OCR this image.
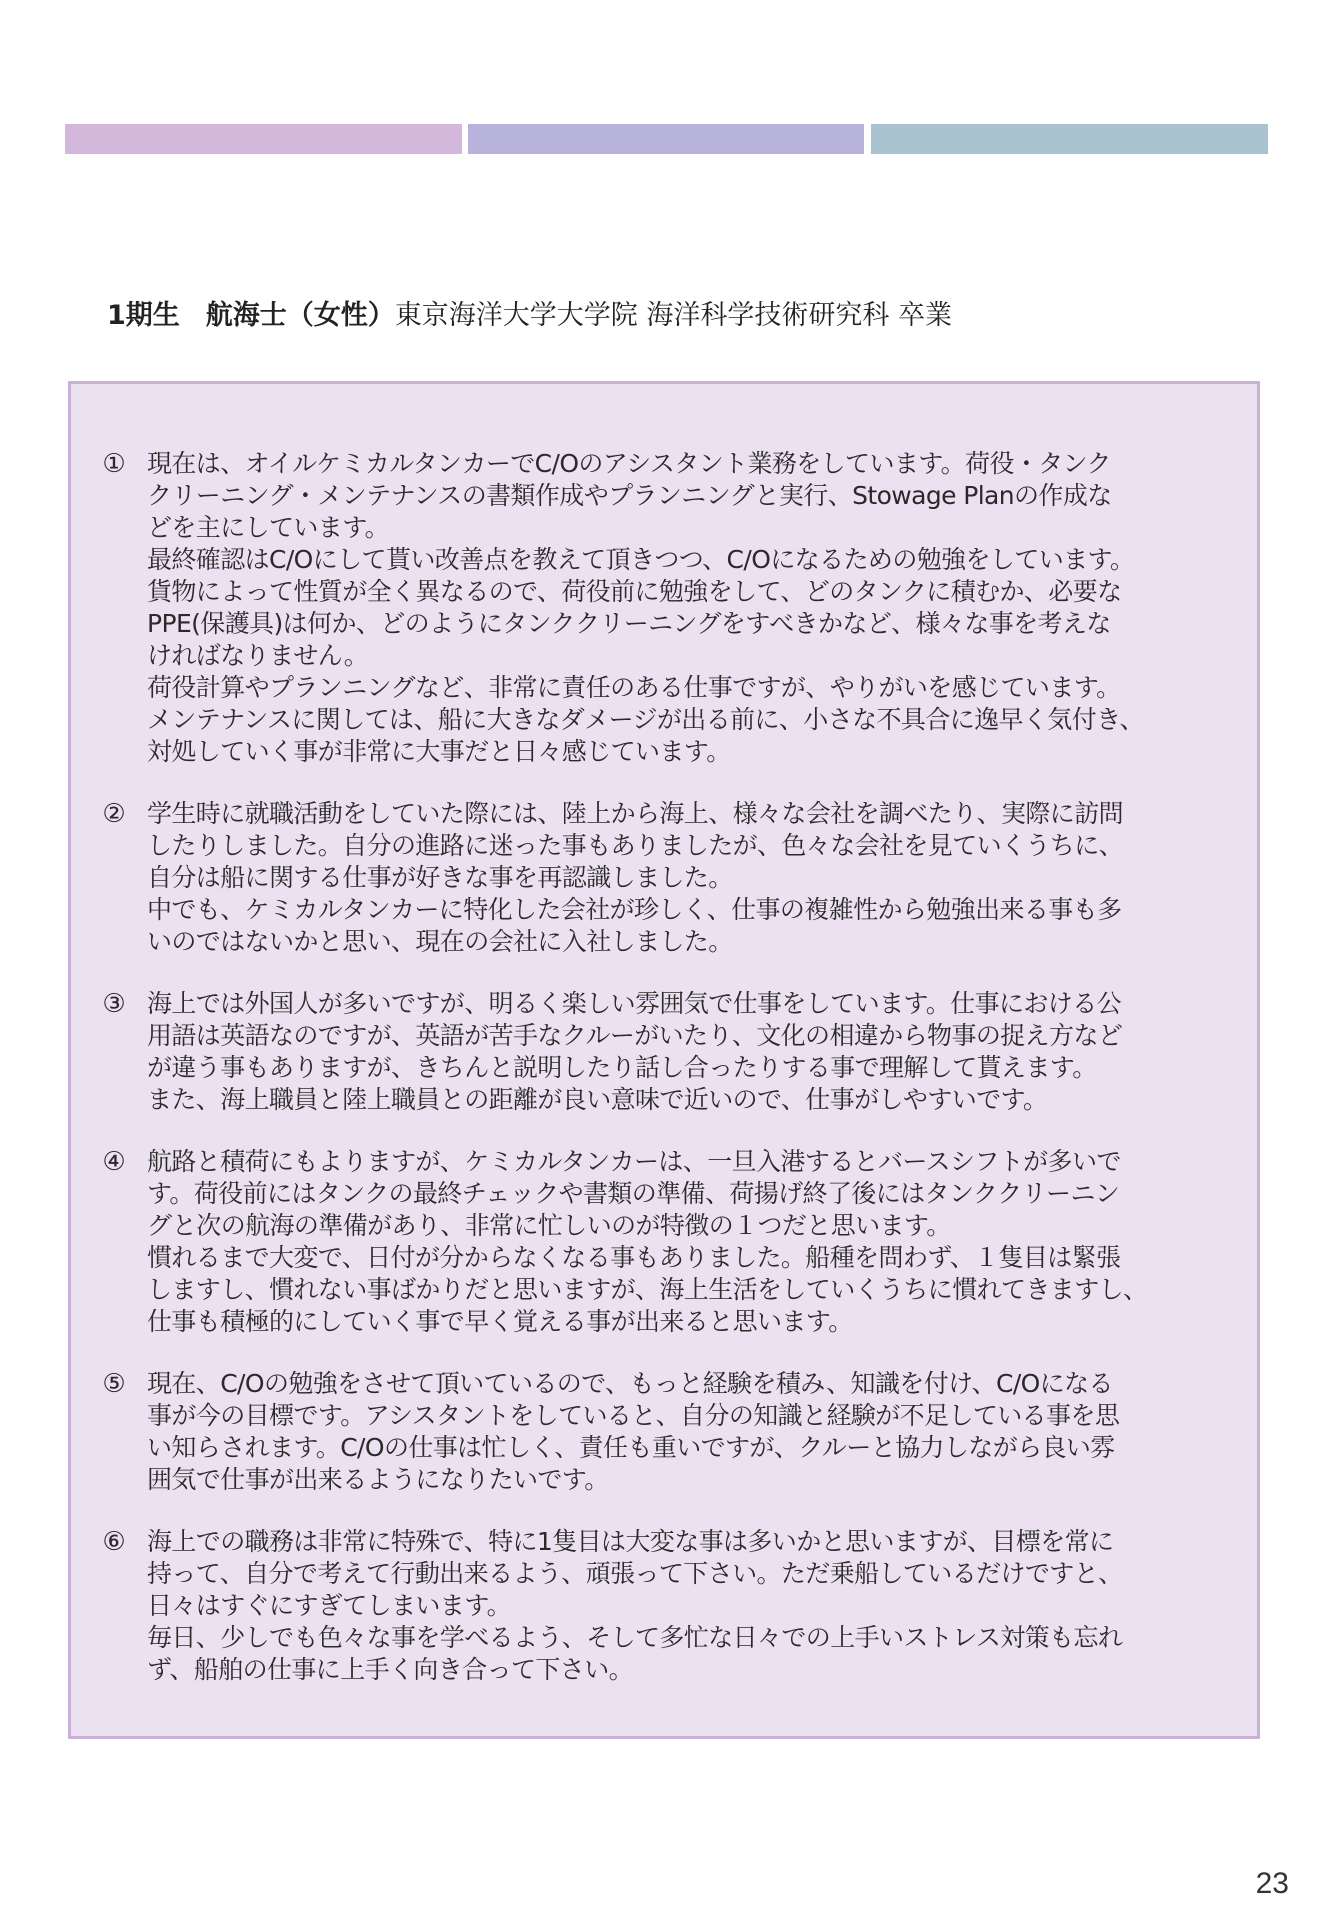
1期生 航海士（女性）東京海洋大学大学院 海洋科学技術研究科 卒業
① 現在は、オイルケミカルタンカーでC/Oのアシスタント業務をしています。荷役・タンク
クリーニング・メンテナンスの書類作成やプランニングと実行、Stowage Planの作成な
どを主にしています。
最終確認はC/Oにして貰い改善点を教えて頂きつつ、C/Oになるための勉強をしています。
貨物によって性質が全く異なるので、荷役前に勉強をして、どのタンクに積むか、必要な
PPE(保護具)は何か、どのようにタンククリーニングをすべきかなど、様々な事を考えな
ければなりません。
荷役計算やプランニングなど、非常に責任のある仕事ですが、やりがいを感じています。
メンテナンスに関しては、船に大きなダメージが出る前に、小さな不具合に逸早く気付き、
対処していく事が非常に大事だと日々感じています。
② 学生時に就職活動をしていた際には、陸上から海上、様々な会社を調べたり、実際に訪問
したりしました。自分の進路に迷った事もありましたが、色々な会社を見ていくうちに、
自分は船に関する仕事が好きな事を再認識しました。
中でも、ケミカルタンカーに特化した会社が珍しく、仕事の複雑性から勉強出来る事も多
いのではないかと思い、現在の会社に入社しました。
③ 海上では外国人が多いですが、明るく楽しい雰囲気で仕事をしています。仕事における公
用語は英語なのですが、英語が苦手なクルーがいたり、文化の相違から物事の捉え方など
が違う事もありますが、きちんと説明したり話し合ったりする事で理解して貰えます。
また、海上職員と陸上職員との距離が良い意味で近いので、仕事がしやすいです。
④ 航路と積荷にもよりますが、ケミカルタンカーは、一旦入港するとバースシフトが多いで
す。荷役前にはタンクの最終チェックや書類の準備、荷揚げ終了後にはタンククリーニン
グと次の航海の準備があり、非常に忙しいのが特徴の１つだと思います。
慣れるまで大変で、日付が分からなくなる事もありました。船種を問わず、１隻目は緊張
しますし、慣れない事ばかりだと思いますが、海上生活をしていくうちに慣れてきますし、
仕事も積極的にしていく事で早く覚える事が出来ると思います。
⑤ 現在、C/Oの勉強をさせて頂いているので、もっと経験を積み、知識を付け、C/Oになる
事が今の目標です。アシスタントをしていると、自分の知識と経験が不足している事を思
い知らされます。C/Oの仕事は忙しく、責任も重いですが、クルーと協力しながら良い雰
囲気で仕事が出来るようになりたいです。
⑥ 海上での職務は非常に特殊で、特に1隻目は大変な事は多いかと思いますが、目標を常に
持って、自分で考えて行動出来るよう、頑張って下さい。ただ乗船しているだけですと、
日々はすぐにすぎてしまいます。
毎日、少しでも色々な事を学べるよう、そして多忙な日々での上手いストレス対策も忘れ
ず、船舶の仕事に上手く向き合って下さい。
23
